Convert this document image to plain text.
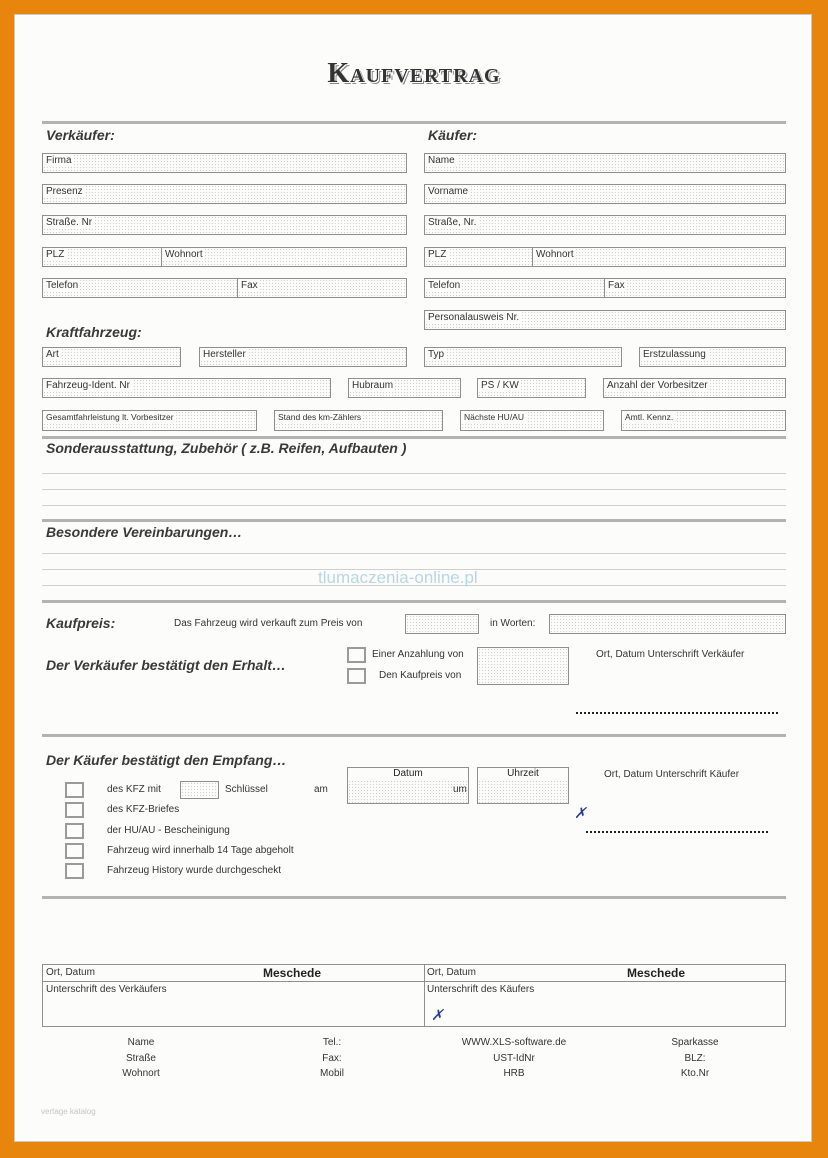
Kaufvertrag
Verkäufer:
Firma
Presenz
Straße. Nr
PLZ	Wohnort
Telefon	Fax
Käufer:
Name
Vorname
Straße, Nr.
PLZ	Wohnort
Telefon	Fax
Personalausweis Nr.
Kraftfahrzeug:
Art	Hersteller	Typ	Erstzulassung
Fahrzeug-Ident. Nr	Hubraum	PS / KW	Anzahl der Vorbesitzer
Gesamtfahrleistung lt. Vorbesitzer	Stand des km-Zählers	Nächste HU/AU	Amtl. Kennz.
Sonderausstattung, Zubehör ( z.B. Reifen, Aufbauten )
Besondere Vereinbarungen…
tlumaczenia-online.pl
Kaufpreis:	Das Fahrzeug wird verkauft zum Preis von	in Worten:
Der Verkäufer bestätigt den Erhalt…
Einer Anzahlung von
Den Kaufpreis von
Ort, Datum Unterschrift Verkäufer
Der Käufer bestätigt den Empfang…
des KFZ mit	Schlüssel	am
Datum
um
Uhrzeit	Ort, Datum Unterschrift Käufer
✗
des KFZ-Briefes
der HU/AU - Bescheinigung
Fahrzeug wird innerhalb 14 Tage abgeholt
Fahrzeug History wurde durchgeschekt
Ort, Datum	Meschede
Unterschrift des Verkäufers
Ort, Datum	Meschede
Unterschrift des Käufers
✗
Name
Straße
Wohnort
Tel.:
Fax:
Mobil
WWW.XLS-software.de
UST-IdNr
HRB
Sparkasse
BLZ:
Kto.Nr
vertage katalog
